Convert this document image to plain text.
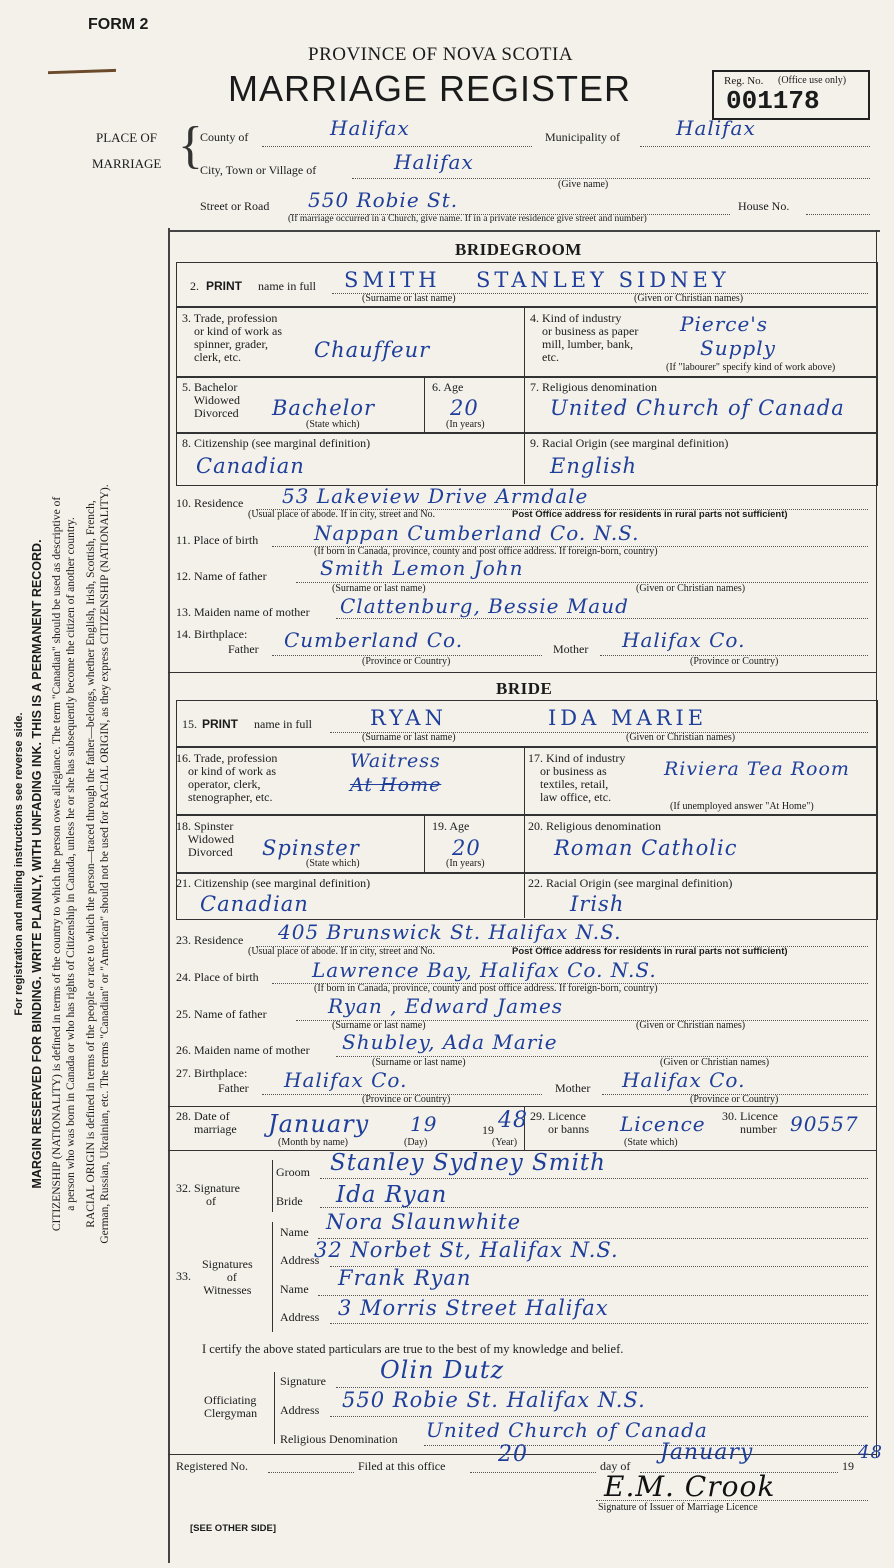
FORM 2
PROVINCE OF NOVA SCOTIA
MARRIAGE REGISTER	Reg. No. (Office use only)
001178
PLACE OF
MARRIAGE {
County of	Halifax	Municipality of	Halifax
City, Town or Village of	Halifax
(Give name)
Street or Road 550 Robie St.	House No.
(If marriage occurred in a Church, give name. If in a private residence give street and number)
For registration and mailing instructions see reverse side. MARGIN RESERVED FOR BINDING. WRITE PLAINLY, WITH UNFADING INK. THIS IS A PERMANENT RECORD. CITIZENSHIP (NATIONALITY) is defined in terms of the country to which the person owes allegiance. The term "Canadian" should be used as descriptive of a person who was born in Canada or who has rights of Citizenship in Canada, unless he or she has subsequently become the citizen of another country. RACIAL ORIGIN is defined in terms of the people or race to which the person—traced through the father—belongs, whether English, Irish, Scottish, French, German, Russian, Ukrainian, etc. The terms "Canadian" or "American" should not be used for RACIAL ORIGIN, as they express CITIZENSHIP (NATIONALITY).
BRIDEGROOM
2. PRINT name in full SMITH STANLEY SIDNEY
(Surname or last name)	(Given or Christian names)
3. Trade, profession
or kind of work as
spinner, grader,
clerk, etc.	Chauffeur
4. Kind of industry
or business as paper
mill, lumber, bank,
etc.
Pierce's
Supply
(If "labourer" specify kind of work above)
5. Bachelor
Widowed
Divorced Bachelor
(State which)
6. Age
20
(In years)
7. Religious denomination
United Church of Canada
8. Citizenship (see marginal definition)
Canadian
9. Racial Origin (see marginal definition)
English
10. Residence 53 Lakeview Drive Armdale
(Usual place of abode. If in city, street and No.	Post Office address for residents in rural parts not sufficient)
11. Place of birth	Nappan Cumberland Co. N.S.
(If born in Canada, province, county and post office address. If foreign-born, country)
12. Name of father	Smith Lemon John
(Surname or last name)	(Given or Christian names)
13. Maiden name of mother Clattenburg, Bessie Maud
14. Birthplace:
Father Cumberland Co.	Mother Halifax Co.
(Province or Country)	(Province or Country)
BRIDE
15. PRINT name in full	RYAN	IDA MARIE
(Surname or last name)	(Given or Christian names)
16. Trade, profession
or kind of work as
operator, clerk,
stenographer, etc.
Waitress
At Home
17. Kind of industry
or business as
textiles, retail,
law office, etc.
Riviera Tea Room
(If unemployed answer "At Home")
18. Spinster
Widowed
Divorced Spinster
(State which)
19. Age
20
(In years)
20. Religious denomination
Roman Catholic
21. Citizenship (see marginal definition)
Canadian
22. Racial Origin (see marginal definition)
Irish
23. Residence 405 Brunswick St. Halifax N.S.
(Usual place of abode. If in city, street and No.	Post Office address for residents in rural parts not sufficient)
24. Place of birth	Lawrence Bay, Halifax Co. N.S.
(If born in Canada, province, county and post office address. If foreign-born, country)
25. Name of father	Ryan , Edward James
(Surname or last name)	(Given or Christian names)
26. Maiden name of mother Shubley, Ada Marie
(Surname or last name)	(Given or Christian names)
27. Birthplace:
Father Halifax Co.	Mother Halifax Co.
(Province or Country)	(Province or Country)
28. Date of
marriage January 19	19 48
(Month by name)	(Day)	(Year)
29. Licence
or banns Licence
(State which)
30. Licence
number 90557
32. Signature
of
Groom Stanley Sydney Smith
Bride Ida Ryan
33.
Signatures
of
Witnesses
Name Nora Slaunwhite
Address
32 Norbet St, Halifax N.S.
Name Frank Ryan
Address 3 Morris Street Halifax
I certify the above stated particulars are true to the best of my knowledge and belief.
Officiating
Clergyman
Signature Olin Dutz
Address 550 Robie St. Halifax N.S.
Religious Denomination United Church of Canada
Registered No.	Filed at this office 20	day of
January
19
48
E.M. Crook
Signature of Issuer of Marriage Licence
[SEE OTHER SIDE]
